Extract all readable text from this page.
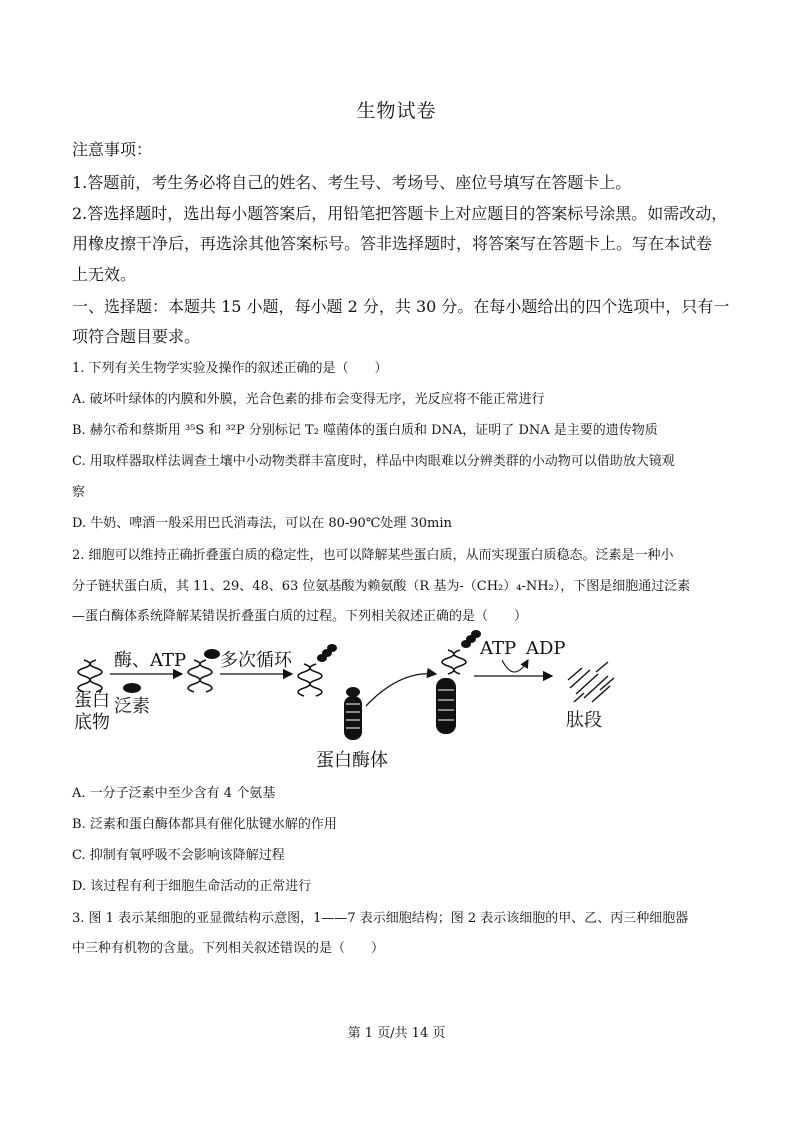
生物试卷
注意事项：
1.答题前，考生务必将自己的姓名、考生号、考场号、座位号填写在答题卡上。
2.答选择题时，选出每小题答案后，用铅笔把答题卡上对应题目的答案标号涂黑。如需改动，
用橡皮擦干净后，再选涂其他答案标号。答非选择题时，将答案写在答题卡上。写在本试卷
上无效。
一、选择题：本题共 15 小题，每小题 2 分，共 30 分。在每小题给出的四个选项中，只有一
项符合题目要求。
1. 下列有关生物学实验及操作的叙述正确的是（　　）
A. 破坏叶绿体的内膜和外膜，光合色素的排布会变得无序，光反应将不能正常进行
B. 赫尔希和蔡斯用 ³⁵S 和 ³²P 分别标记 T₂ 噬菌体的蛋白质和 DNA，证明了 DNA 是主要的遗传物质
C. 用取样器取样法调查土壤中小动物类群丰富度时，样品中肉眼难以分辨类群的小动物可以借助放大镜观
察
D. 牛奶、啤酒一般采用巴氏消毒法，可以在 80-90℃处理 30min
2. 细胞可以维持正确折叠蛋白质的稳定性，也可以降解某些蛋白质，从而实现蛋白质稳态。泛素是一种小
分子链状蛋白质，其 11、29、48、63 位氨基酸为赖氨酸（R 基为-（CH₂）₄-NH₂），下图是细胞通过泛素
—蛋白酶体系统降解某错误折叠蛋白质的过程。下列相关叙述正确的是（　　）
蛋白
底物
泛素
酶、ATP 多次循环
蛋白酶体
ATP ADP
肽段
A. 一分子泛素中至少含有 4 个氨基
B. 泛素和蛋白酶体都具有催化肽键水解的作用
C. 抑制有氧呼吸不会影响该降解过程
D. 该过程有利于细胞生命活动的正常进行
3. 图 1 表示某细胞的亚显微结构示意图，1——7 表示细胞结构；图 2 表示该细胞的甲、乙、丙三种细胞器
中三种有机物的含量。下列相关叙述错误的是（　　）
第 1 页/共 14 页
